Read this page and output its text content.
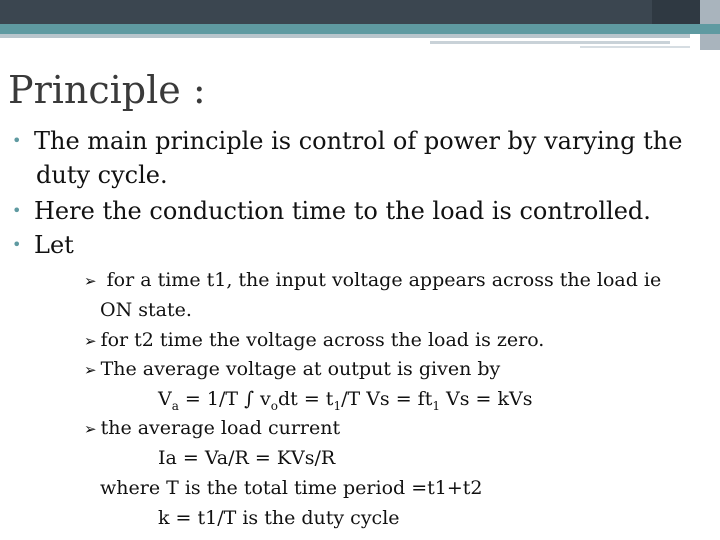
Principle :
• The main principle is control of power by varying the
duty cycle.
• Here the conduction time to the load is controlled.
• Let
➢ for a time t1, the input voltage appears across the load ie
ON state.
➢ for t2 time the voltage across the load is zero.
➢ The average voltage at output is given by
$V_a = 1/T$ ∫ $v_odt = t_1/T$ $Vs = ft_1$ Vs = kVs
➢ the average load current
Ia = Va/R = KVs/R
where T is the total time period =t1+t2
k = t1/T is the duty cycle
